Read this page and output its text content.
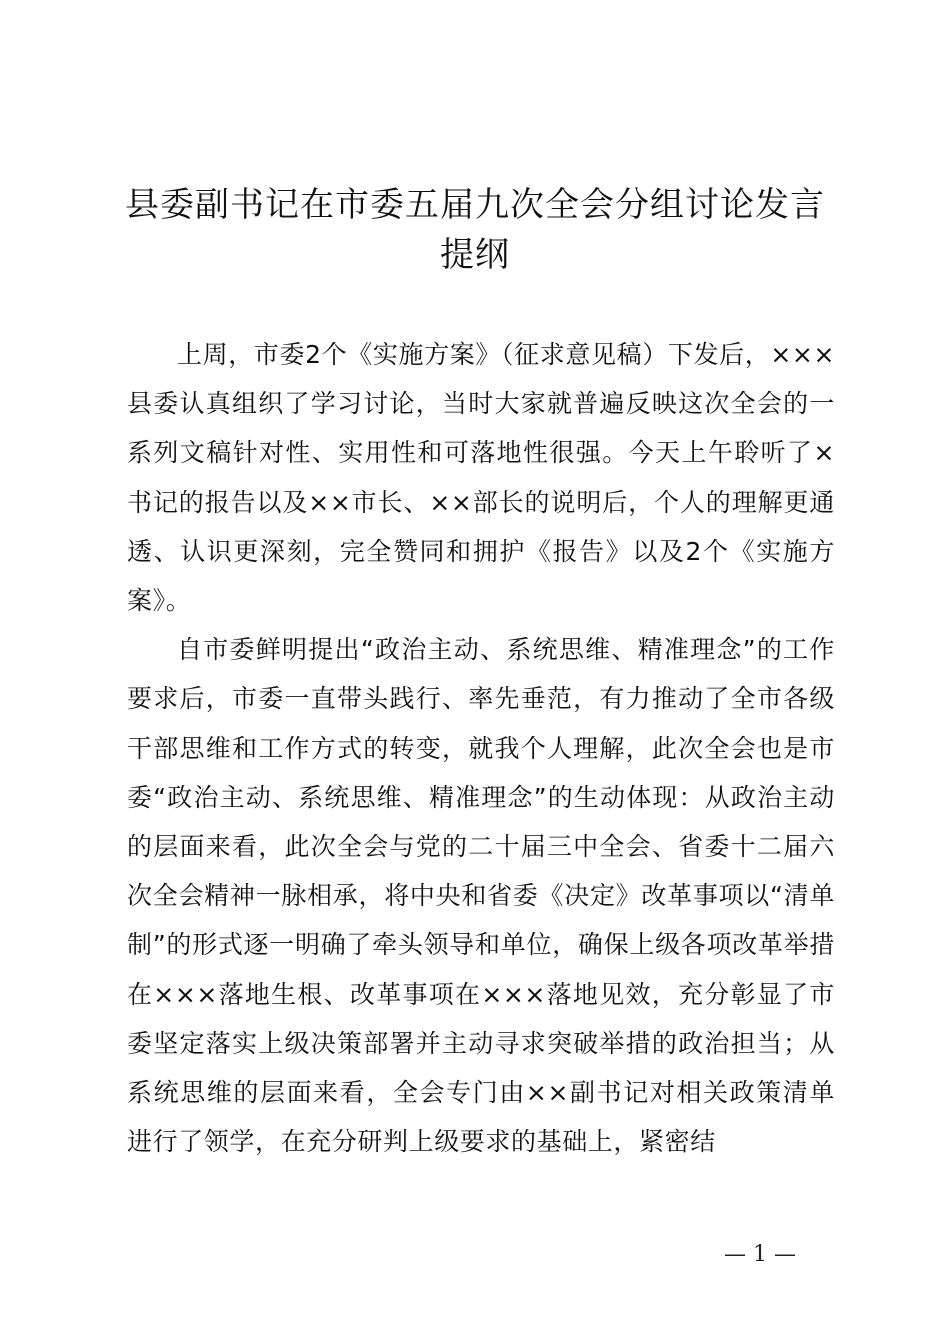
县委副书记在市委五届九次全会分组讨论发言
提纲

上周，市委2个《实施方案》（征求意见稿）下发后，×××县委认真组织了学习讨论，当时大家就普遍反映这次全会的一系列文稿针对性、实用性和可落地性很强。今天上午聆听了×书记的报告以及××市长、××部长的说明后，个人的理解更通透、认识更深刻，完全赞同和拥护《报告》以及2个《实施方案》。

自市委鲜明提出“政治主动、系统思维、精准理念”的工作要求后，市委一直带头践行、率先垂范，有力推动了全市各级干部思维和工作方式的转变，就我个人理解，此次全会也是市委“政治主动、系统思维、精准理念”的生动体现：从政治主动的层面来看，此次全会与党的二十届三中全会、省委十二届六次全会精神一脉相承，将中央和省委《决定》改革事项以“清单制”的形式逐一明确了牵头领导和单位，确保上级各项改革举措在×××落地生根、改革事项在×××落地见效，充分彰显了市委坚定落实上级决策部署并主动寻求突破举措的政治担当；从系统思维的层面来看，全会专门由××副书记对相关政策清单进行了领学，在充分研判上级要求的基础上，紧密结

— 1 —
